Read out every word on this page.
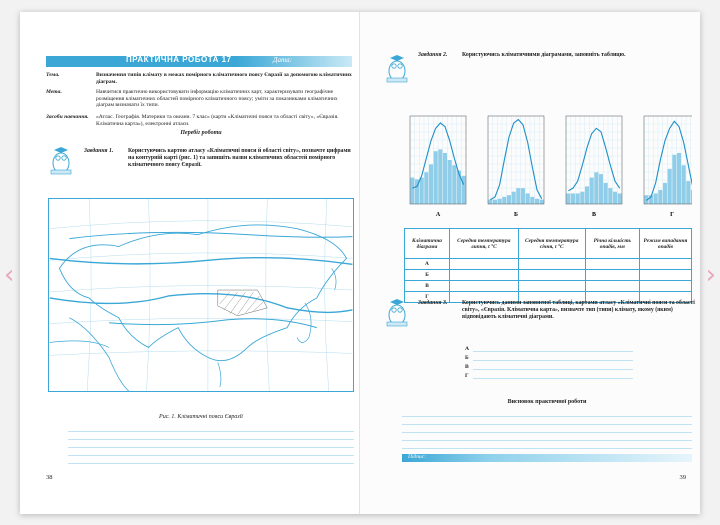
‹	›
ПРАКТИЧНА РОБОТА 17	Дата:
Тема.	Визначення типів клімату в межах помірного кліматичного поясу Євразії за допомогою кліматичних діаграм.
Мета.	Навчитися практично використовувати інформацію кліматичних карт, характеризувати географічне розміщення кліматичних областей помірного кліматичного поясу; уміти за показниками кліматичних діаграм визначати їх типи.
Засоби навчання.	«Атлас. Географія. Материки та океани. 7 клас» (карти «Кліматичні пояси та області світу», «Євразія. Кліматична карта»), електронні атласи.
Перебіг роботи
Завдання 1.	Користуючись картою атласу «Кліматичні пояси й області світу», позначте цифрами на контурній карті (рис. 1) та запишіть назви кліматичних областей помірного кліматичного поясу Євразії.
Рис. 1. Кліматичні пояси Євразії
38
Завдання 2.	Користуючись кліматичними діаграмами, заповніть таблицю.
А	Б	В	Г
Кліматична діаграма	Середня температура липня, t °C	Середня температура січня, t °C	Річна кількість опадів, мм	Режим випадання опадів
А				
Б				
В				
Г				
Завдання 3.	Користуючись даними заповненої таблиці, картами атласу «Кліматичні пояси та області світу», «Євразія. Кліматична карта», визначте тип (типи) клімату, якому (яким) відповідають кліматичні діаграми.
А
Б
В
Г
Висновок практичної роботи
Підпис:
39
